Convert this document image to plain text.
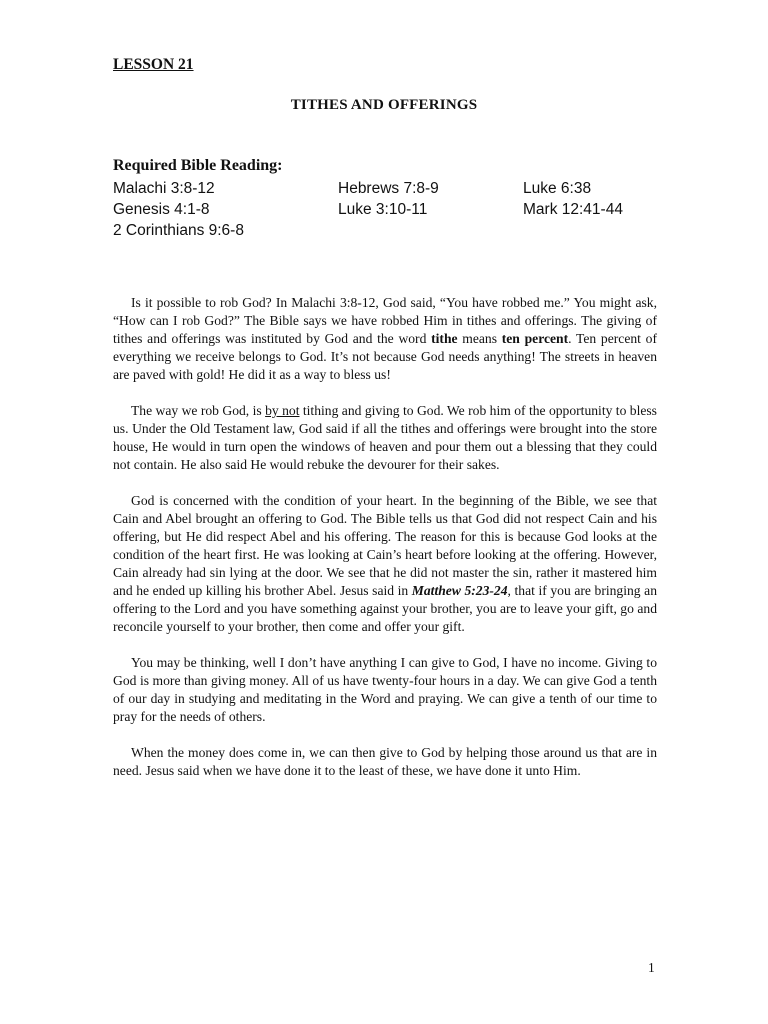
LESSON 21
TITHES AND OFFERINGS
Required Bible Reading:
Malachi 3:8-12	Hebrews 7:8-9	Luke 6:38
Genesis 4:1-8	Luke 3:10-11	Mark 12:41-44
2 Corinthians 9:6-8

Is it possible to rob God? In Malachi 3:8-12, God said, “You have robbed me.” You might ask, “How can I rob God?” The Bible says we have robbed Him in tithes and offerings. The giving of tithes and offerings was instituted by God and the word tithe means ten percent. Ten percent of everything we receive belongs to God. It’s not because God needs anything! The streets in heaven are paved with gold! He did it as a way to bless us!

The way we rob God, is by not tithing and giving to God. We rob him of the opportunity to bless us. Under the Old Testament law, God said if all the tithes and offerings were brought into the store house, He would in turn open the windows of heaven and pour them out a blessing that they could not contain. He also said He would rebuke the devourer for their sakes.

God is concerned with the condition of your heart. In the beginning of the Bible, we see that Cain and Abel brought an offering to God. The Bible tells us that God did not respect Cain and his offering, but He did respect Abel and his offering. The reason for this is because God looks at the condition of the heart first. He was looking at Cain’s heart before looking at the offering. However, Cain already had sin lying at the door. We see that he did not master the sin, rather it mastered him and he ended up killing his brother Abel. Jesus said in Matthew 5:23-24, that if you are bringing an offering to the Lord and you have something against your brother, you are to leave your gift, go and reconcile yourself to your brother, then come and offer your gift.

You may be thinking, well I don’t have anything I can give to God, I have no income. Giving to God is more than giving money. All of us have twenty-four hours in a day. We can give God a tenth of our day in studying and meditating in the Word and praying. We can give a tenth of our time to pray for the needs of others.

When the money does come in, we can then give to God by helping those around us that are in need. Jesus said when we have done it to the least of these, we have done it unto Him.

1
